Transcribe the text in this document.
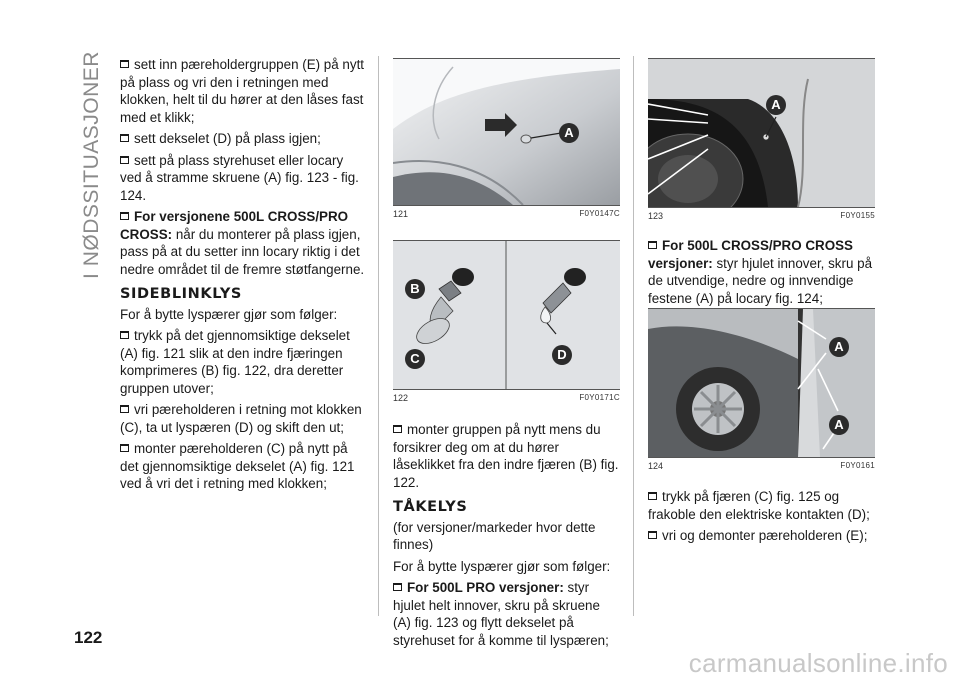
I NØDSSITUASJONER
122

sett inn pæreholdergruppen (E) på nytt på plass og vri den i retningen med klokken, helt til du hører at den låses fast med et klikk;

sett dekselet (D) på plass igjen;

sett på plass styrehuset eller locary ved å stramme skruene (A) fig. 123 - fig. 124.

For versjonene 500L CROSS/PRO CROSS: når du monterer på plass igjen, pass på at du setter inn locary riktig i det nedre området til de fremre støtfangerne.

SIDEBLINKLYS

For å bytte lyspærer gjør som følger:

trykk på det gjennomsiktige dekselet (A) fig. 121 slik at den indre fjæringen komprimeres (B) fig. 122, dra deretter gruppen utover;

vri pæreholderen i retning mot klokken (C), ta ut lyspæren (D) og skift den ut;

monter pæreholderen (C) på nytt på det gjennomsiktige dekselet (A) fig. 121 ved å vri det i retning med klokken;

A
121	F0Y0147C
B
C	D
122	F0Y0171C

monter gruppen på nytt mens du forsikrer deg om at du hører låseklikket fra den indre fjæren (B) fig. 122.

TÅKELYS

(for versjoner/markeder hvor dette finnes)

For å bytte lyspærer gjør som følger:

For 500L PRO versjoner: styr hjulet helt innover, skru på skruene (A) fig. 123 og flytt dekselet på styrehuset for å komme til lyspæren;

A
123	F0Y0155

For 500L CROSS/PRO CROSS versjoner: styr hjulet innover, skru på de utvendige, nedre og innvendige festene (A) på locary fig. 124;

A
A
124	F0Y0161

trykk på fjæren (C) fig. 125 og frakoble den elektriske kontakten (D);

vri og demonter pæreholderen (E);

carmanualsonline.info
